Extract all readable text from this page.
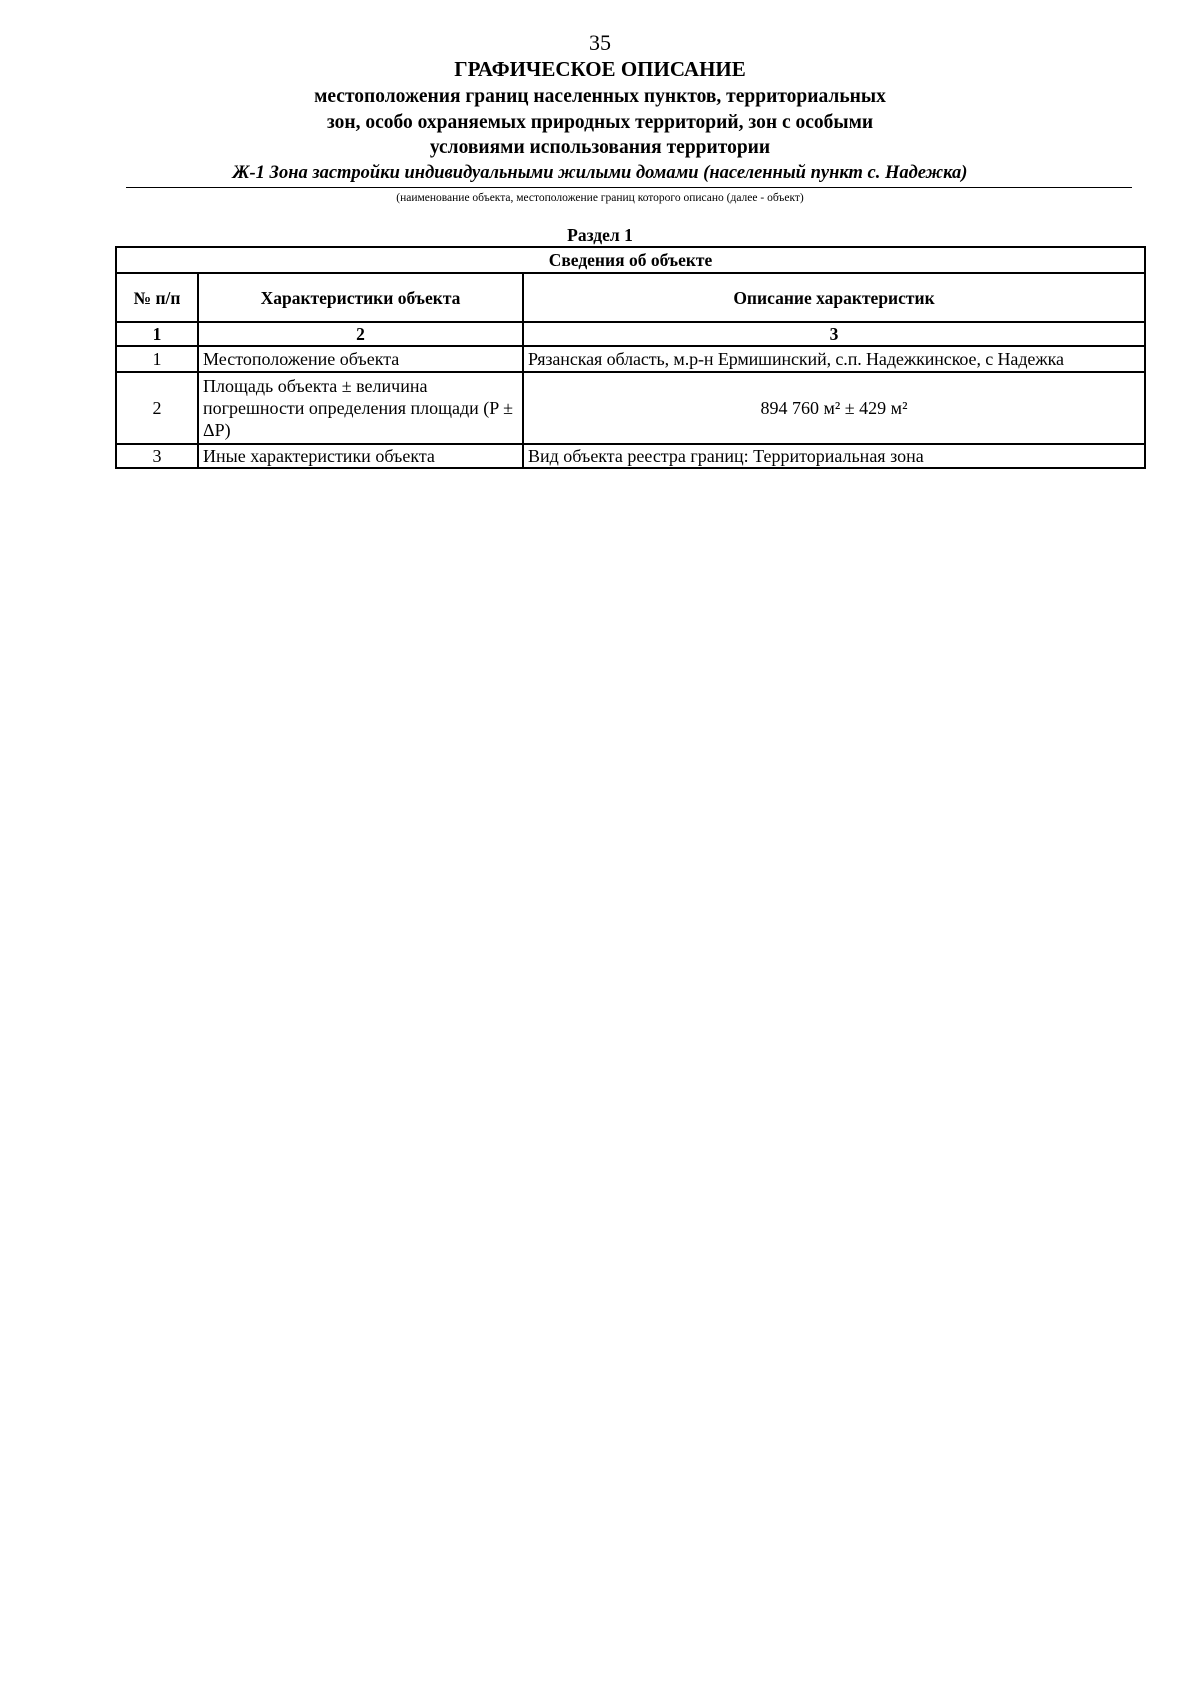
35
ГРАФИЧЕСКОЕ ОПИСАНИЕ
местоположения границ населенных пунктов, территориальных
зон, особо охраняемых природных территорий, зон с особыми
условиями использования территории
Ж-1 Зона застройки индивидуальными жилыми домами (населенный пункт с. Надежка)
(наименование объекта, местоположение границ которого описано (далее - объект)
Раздел 1
Сведения об объекте		
№ п/п	Характеристики объекта	Описание характеристик
1	2	3
1	Местоположение объекта	Рязанская область, м.р-н Ермишинский, с.п. Надежкинское, с Надежка
2	Площадь объекта ± величина погрешности определения площади (P ± ΔP)	894 760 м² ± 429 м²
3	Иные характеристики объекта	Вид объекта реестра границ: Территориальная зона
